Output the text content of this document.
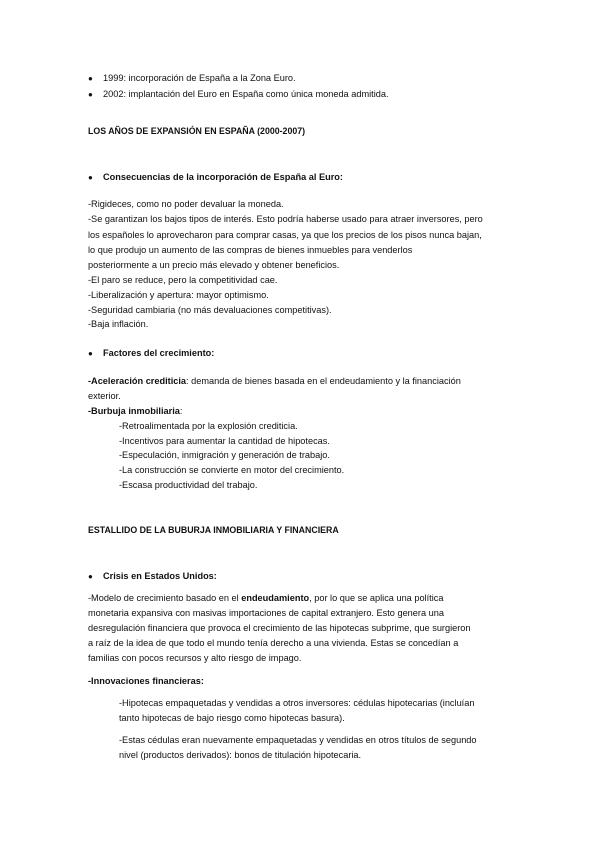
● 1999: incorporación de España a la Zona Euro.
● 2002: implantación del Euro en España como única moneda admitida.
LOS AÑOS DE EXPANSIÓN EN ESPAÑA (2000-2007)
● Consecuencias de la incorporación de España al Euro:
-Rigideces, como no poder devaluar la moneda.
-Se garantizan los bajos tipos de interés. Esto podría haberse usado para atraer inversores, pero
los españoles lo aprovecharon para comprar casas, ya que los precios de los pisos nunca bajan,
lo que produjo un aumento de las compras de bienes inmuebles para venderlos
posteriormente a un precio más elevado y obtener beneficios.
-El paro se reduce, pero la competitividad cae.
-Liberalización y apertura: mayor optimismo.
-Seguridad cambiaria (no más devaluaciones competitivas).
-Baja inflación.
● Factores del crecimiento:
-Aceleración crediticia: demanda de bienes basada en el endeudamiento y la financiación
exterior.
-Burbuja inmobiliaria:
-Retroalimentada por la explosión crediticia.
-Incentivos para aumentar la cantidad de hipotecas.
-Especulación, inmigración y generación de trabajo.
-La construcción se convierte en motor del crecimiento.
-Escasa productividad del trabajo.
ESTALLIDO DE LA BUBURJA INMOBILIARIA Y FINANCIERA
● Crisis en Estados Unidos:
-Modelo de crecimiento basado en el endeudamiento, por lo que se aplica una política
monetaria expansiva con masivas importaciones de capital extranjero. Esto genera una
desregulación financiera que provoca el crecimiento de las hipotecas subprime, que surgieron
a raíz de la idea de que todo el mundo tenía derecho a una vivienda. Estas se concedían a
familias con pocos recursos y alto riesgo de impago.
-Innovaciones financieras:
-Hipotecas empaquetadas y vendidas a otros inversores: cédulas hipotecarias (incluían
tanto hipotecas de bajo riesgo como hipotecas basura).
-Estas cédulas eran nuevamente empaquetadas y vendidas en otros títulos de segundo
nivel (productos derivados): bonos de titulación hipotecaria.
